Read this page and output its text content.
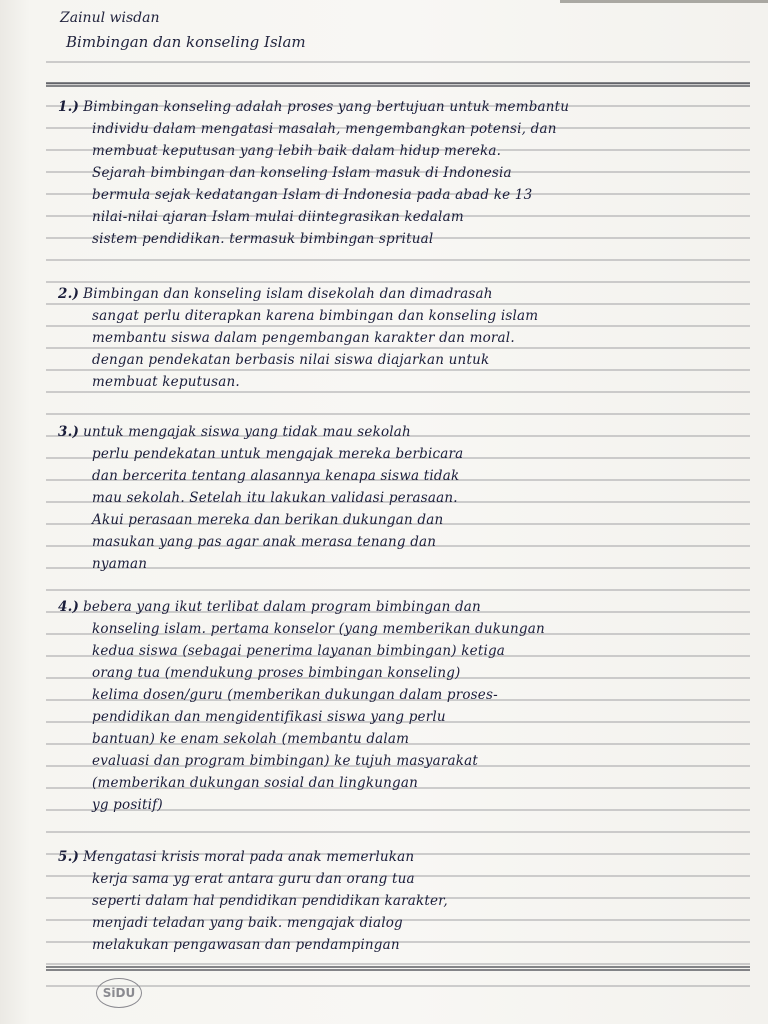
Zainul wisdan
Bimbingan dan konseling Islam
1.) Bimbingan konseling adalah proses yang bertujuan untuk membantu
individu dalam mengatasi masalah, mengembangkan potensi, dan
membuat keputusan yang lebih baik dalam hidup mereka.
Sejarah bimbingan dan konseling Islam masuk di Indonesia
bermula sejak kedatangan Islam di Indonesia pada abad ke 13
nilai-nilai ajaran Islam mulai diintegrasikan kedalam
sistem pendidikan. termasuk bimbingan spritual
2.) Bimbingan dan konseling islam disekolah dan dimadrasah
sangat perlu diterapkan karena bimbingan dan konseling islam
membantu siswa dalam pengembangan karakter dan moral.
dengan pendekatan berbasis nilai siswa diajarkan untuk
membuat keputusan.
3.) untuk mengajak siswa yang tidak mau sekolah
perlu pendekatan untuk mengajak mereka berbicara
dan bercerita tentang alasannya kenapa siswa tidak
mau sekolah. Setelah itu lakukan validasi perasaan.
Akui perasaan mereka dan berikan dukungan dan
masukan yang pas agar anak merasa tenang dan
nyaman
4.) bebera yang ikut terlibat dalam program bimbingan dan
konseling islam. pertama konselor (yang memberikan dukungan
kedua siswa (sebagai penerima layanan bimbingan) ketiga
orang tua (mendukung proses bimbingan konseling)
kelima dosen/guru (memberikan dukungan dalam proses-
pendidikan dan mengidentifikasi siswa yang perlu
bantuan) ke enam sekolah (membantu dalam
evaluasi dan program bimbingan) ke tujuh masyarakat
(memberikan dukungan sosial dan lingkungan
yg positif)
5.) Mengatasi krisis moral pada anak memerlukan
kerja sama yg erat antara guru dan orang tua
seperti dalam hal pendidikan pendidikan karakter,
menjadi teladan yang baik. mengajak dialog
melakukan pengawasan dan pendampingan
SiDU
